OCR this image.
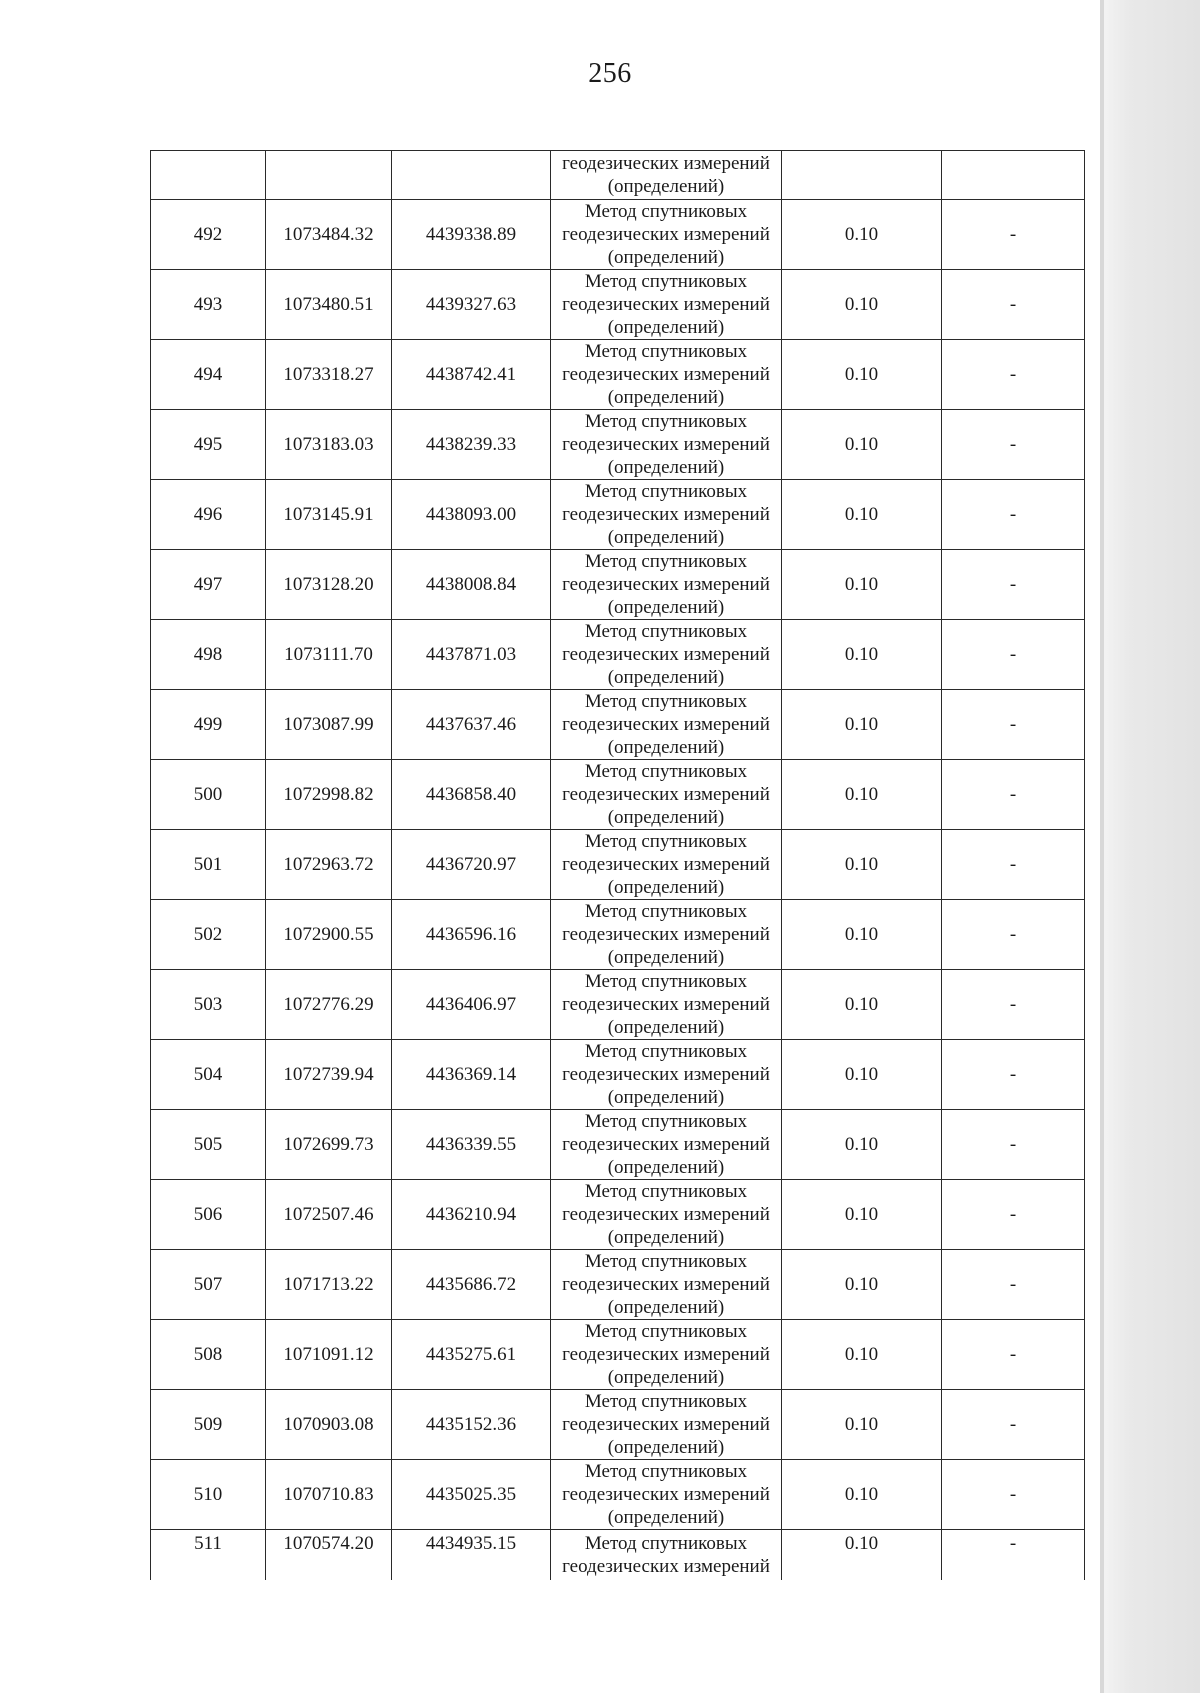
256

			геодезических измерений
(определений)		

492	1073484.32	4439338.89	Метод спутниковых
геодезических измерений
(определений)	0.10	-
493	1073480.51	4439327.63	Метод спутниковых
геодезических измерений
(определений)	0.10	-
494	1073318.27	4438742.41	Метод спутниковых
геодезических измерений
(определений)	0.10	-
495	1073183.03	4438239.33	Метод спутниковых
геодезических измерений
(определений)	0.10	-
496	1073145.91	4438093.00	Метод спутниковых
геодезических измерений
(определений)	0.10	-
497	1073128.20	4438008.84	Метод спутниковых
геодезических измерений
(определений)	0.10	-
498	1073111.70	4437871.03	Метод спутниковых
геодезических измерений
(определений)	0.10	-
499	1073087.99	4437637.46	Метод спутниковых
геодезических измерений
(определений)	0.10	-
500	1072998.82	4436858.40	Метод спутниковых
геодезических измерений
(определений)	0.10	-
501	1072963.72	4436720.97	Метод спутниковых
геодезических измерений
(определений)	0.10	-
502	1072900.55	4436596.16	Метод спутниковых
геодезических измерений
(определений)	0.10	-
503	1072776.29	4436406.97	Метод спутниковых
геодезических измерений
(определений)	0.10	-
504	1072739.94	4436369.14	Метод спутниковых
геодезических измерений
(определений)	0.10	-
505	1072699.73	4436339.55	Метод спутниковых
геодезических измерений
(определений)	0.10	-
506	1072507.46	4436210.94	Метод спутниковых
геодезических измерений
(определений)	0.10	-
507	1071713.22	4435686.72	Метод спутниковых
геодезических измерений
(определений)	0.10	-
508	1071091.12	4435275.61	Метод спутниковых
геодезических измерений
(определений)	0.10	-
509	1070903.08	4435152.36	Метод спутниковых
геодезических измерений
(определений)	0.10	-
510	1070710.83	4435025.35	Метод спутниковых
геодезических измерений
(определений)	0.10	-
511	1070574.20	4434935.15	Метод спутниковых
геодезических измерений	0.10	-
